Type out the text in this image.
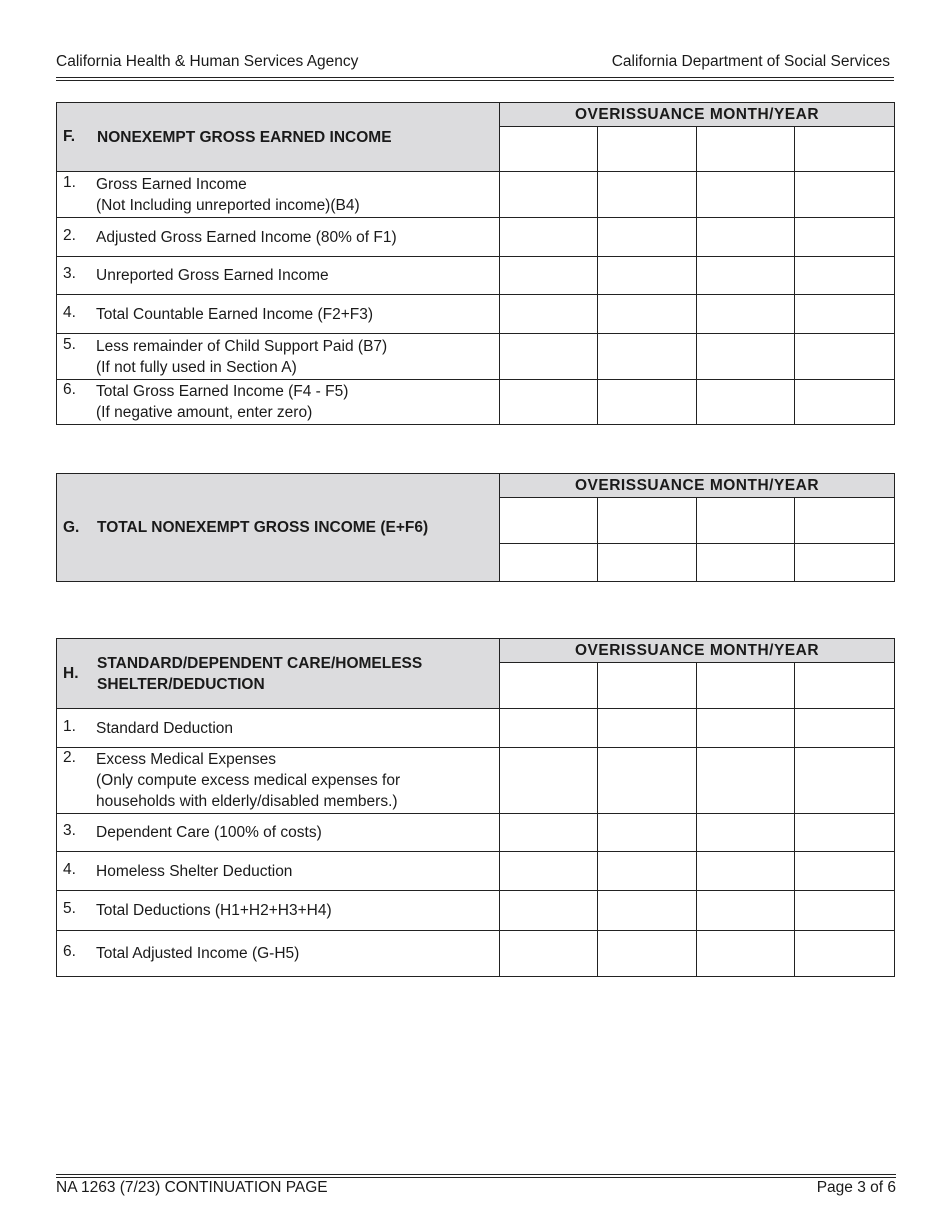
California Health & Human Services Agency	California Department of Social Services
F. NONEXEMPT GROSS EARNED INCOME	OVERISSUANCE MONTH/YEAR			

1. Gross Earned Income
(Not Including unreported income)(B4)				
2. Adjusted Gross Earned Income (80% of F1)				
3. Unreported Gross Earned Income				
4. Total Countable Earned Income (F2+F3)				
5. Less remainder of Child Support Paid (B7)
(If not fully used in Section A)				
6. Total Gross Earned Income (F4 - F5)
(If negative amount, enter zero)				
G. TOTAL NONEXEMPT GROSS INCOME (E+F6)	OVERISSUANCE MONTH/YEAR			

H.
STANDARD/DEPENDENT CARE/HOMELESS
SHELTER/DEDUCTION	OVERISSUANCE MONTH/YEAR			

1. Standard Deduction				
2. Excess Medical Expenses
(Only compute excess medical expenses for
households with elderly/disabled members.)				
3. Dependent Care (100% of costs)				
4. Homeless Shelter Deduction				
5. Total Deductions (H1+H2+H3+H4)				
6. Total Adjusted Income (G-H5)				
NA 1263 (7/23) CONTINUATION PAGE	Page 3 of 6
